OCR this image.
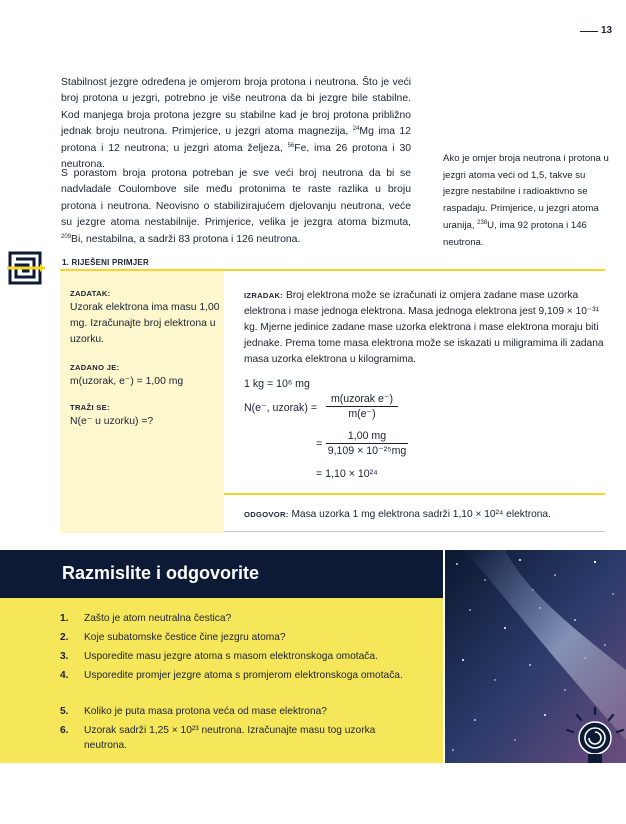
13
Stabilnost jezgre određena je omjerom broja protona i neutrona. Što je veći broj protona u jezgri, potrebno je više neutrona da bi jezgre bile stabilne. Kod manjega broja protona jezgre su stabilne kad je broj protona približno jednak broju neutrona. Primjerice, u jezgri atoma magnezija, $^{24}$Mg ima 12 protona i 12 neutrona; u jezgri atoma željeza, $^{56}$Fe, ima 26 protona i 30 neutrona.
S porastom broja protona potreban je sve veći broj neutrona da bi se nadvladale Coulombove sile među protonima te raste razlika u broju protona i neutrona. Neovisno o stabilizirajućem djelovanju neutrona, veće su jezgre atoma nestabilnije. Primjerice, velika je jezgra atoma bizmuta, $^{209}$Bi, nestabilna, a sadrži 83 protona i 126 neutrona.
Ako je omjer broja neutrona i protona u jezgri atoma veći od 1,5, takve su jezgre nestabilne i radioaktivno se raspadaju. Primjerice, u jezgri atoma uranija, $^{238}$U, ima 92 protona i 146 neutrona.
1. RIJEŠENI PRIMJER
ZADATAK:
Uzorak elektrona ima masu 1,00 mg. Izračunajte broj elektrona u uzorku.
ZADANO JE:
m(uzorak, e⁻) = 1,00 mg
TRAŽI SE:
N(e⁻ u uzorku) =?
IZRADAK: Broj elektrona može se izračunati iz omjera zadane mase uzorka elektrona i mase jednoga elektrona. Masa jednoga elektrona jest 9,109 × 10⁻³¹ kg. Mjerne jedinice zadane mase uzorka elektrona i mase elektrona moraju biti jednake. Prema tome masa elektrona može se iskazati u miligramima ili zadana masa uzorka elektrona u kilogramima.
1 kg = 10⁶ mg
N(e⁻, uzorak) =
m(uzorak e⁻)
m(e⁻)
=
1,00 mg
9,109 × 10⁻²⁵mg
= 1,10 × 10²⁴
ODGOVOR: Masa uzorka 1 mg elektrona sadrži 1,10 × 10²⁴ elektrona.
Razmislite i odgovorite
1. Zašto je atom neutralna čestica?
2. Koje subatomske čestice čine jezgru atoma?
3. Usporedite masu jezgre atoma s masom elektronskoga omotača.
4. Usporedite promjer jezgre atoma s promjerom elektronskoga omotača.
5. Koliko je puta masa protona veća od mase elektrona?
6. Uzorak sadrži 1,25 × 10²³ neutrona. Izračunajte masu tog uzorka neutrona.
